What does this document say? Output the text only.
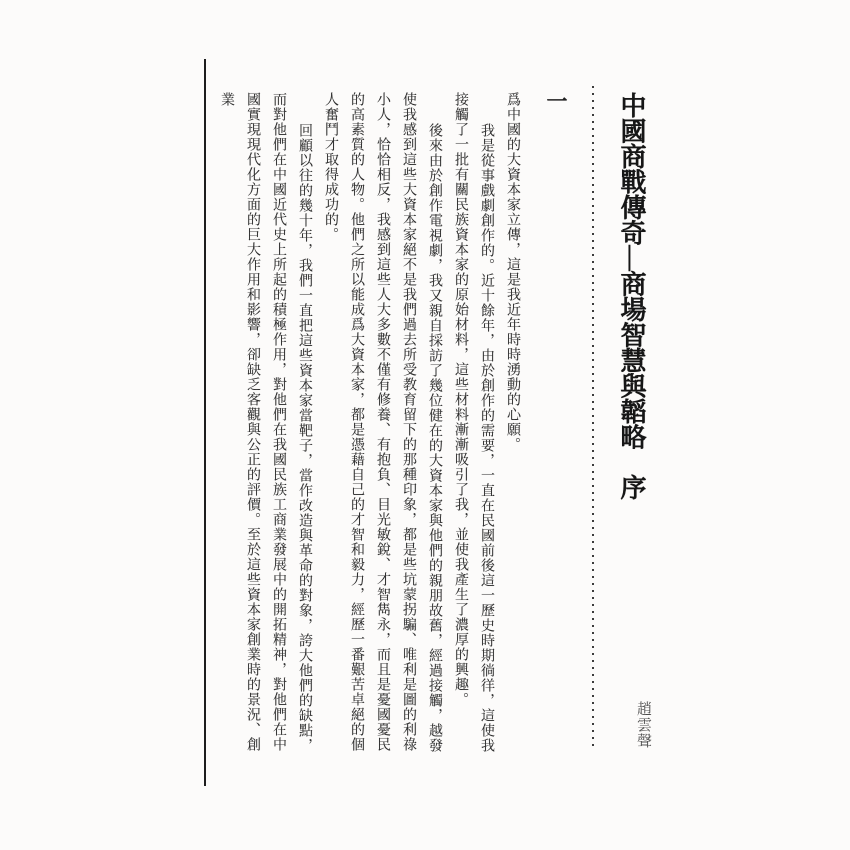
爲中國的大資本家立傳，這是我近年時時湧動的心願。

我是從事戲劇創作的。近十餘年，由於創作的需要，一直在民國前後這一歷史時期徜徉，這使我接觸了一批有關民族資本家的原始材料，這些材料漸漸吸引了我，並使我產生了濃厚的興趣。

後來由於創作電視劇，我又親自採訪了幾位健在的大資本家與他們的親朋故舊，經過接觸，越發使我感到這些大資本家絕不是我們過去所受教育留下的那種印象，都是些坑蒙拐騙、唯利是圖的利祿小人，恰恰相反，我感到這些人大多數不僅有修養、有抱負、目光敏銳、才智雋永，而且是憂國憂民的高素質的人物。他們之所以能成爲大資本家，都是憑藉自己的才智和毅力，經歷一番艱苦卓絕的個人奮鬥才取得成功的。

回顧以往的幾十年，我們一直把這些資本家當靶子，當作改造與革命的對象，誇大他們的缺點，而對他們在中國近代史上所起的積極作用，對他們在我國民族工商業發展中的開拓精神，對他們在中國實現現代化方面的巨大作用和影響，卻缺乏客觀與公正的評價。至於這些資本家創業時的景況、創業	一 中國商戰傳奇—商場智慧與韜略序
趙雲聲
